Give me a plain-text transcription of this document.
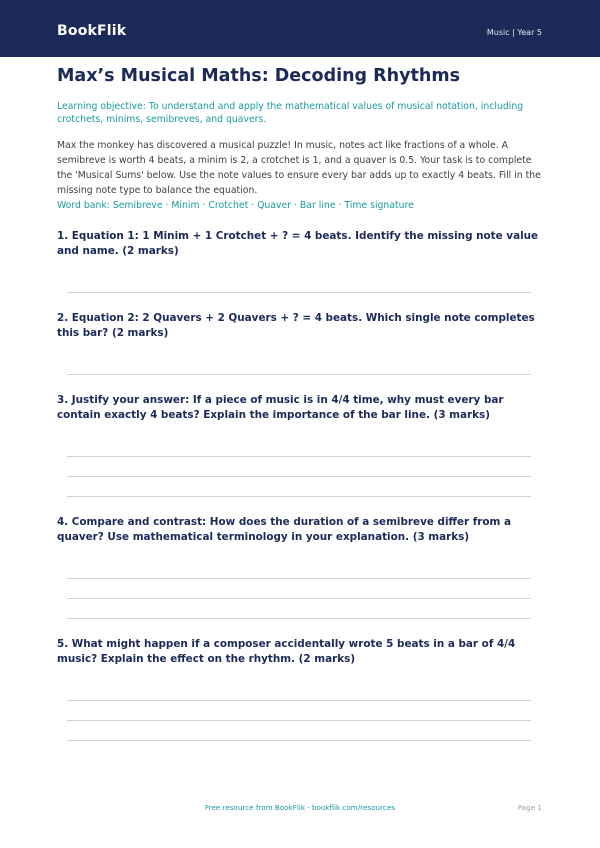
BookFlik	Music | Year 5
Max’s Musical Maths: Decoding Rhythms
Learning objective: To understand and apply the mathematical values of musical notation, including crotchets, minims, semibreves, and quavers.
Max the monkey has discovered a musical puzzle! In music, notes act like fractions of a whole. A semibreve is worth 4 beats, a minim is 2, a crotchet is 1, and a quaver is 0.5. Your task is to complete the 'Musical Sums' below. Use the note values to ensure every bar adds up to exactly 4 beats. Fill in the missing note type to balance the equation.
Word bank: Semibreve · Minim · Crotchet · Quaver · Bar line · Time signature
1. Equation 1: 1 Minim + 1 Crotchet + ? = 4 beats. Identify the missing note value and name. (2 marks)
2. Equation 2: 2 Quavers + 2 Quavers + ? = 4 beats. Which single note completes this bar? (2 marks)
3. Justify your answer: If a piece of music is in 4/4 time, why must every bar contain exactly 4 beats? Explain the importance of the bar line. (3 marks)
4. Compare and contrast: How does the duration of a semibreve differ from a quaver? Use mathematical terminology in your explanation. (3 marks)
5. What might happen if a composer accidentally wrote 5 beats in a bar of 4/4 music? Explain the effect on the rhythm. (2 marks)
Free resource from BookFlik · bookflik.com/resources	Page 1
